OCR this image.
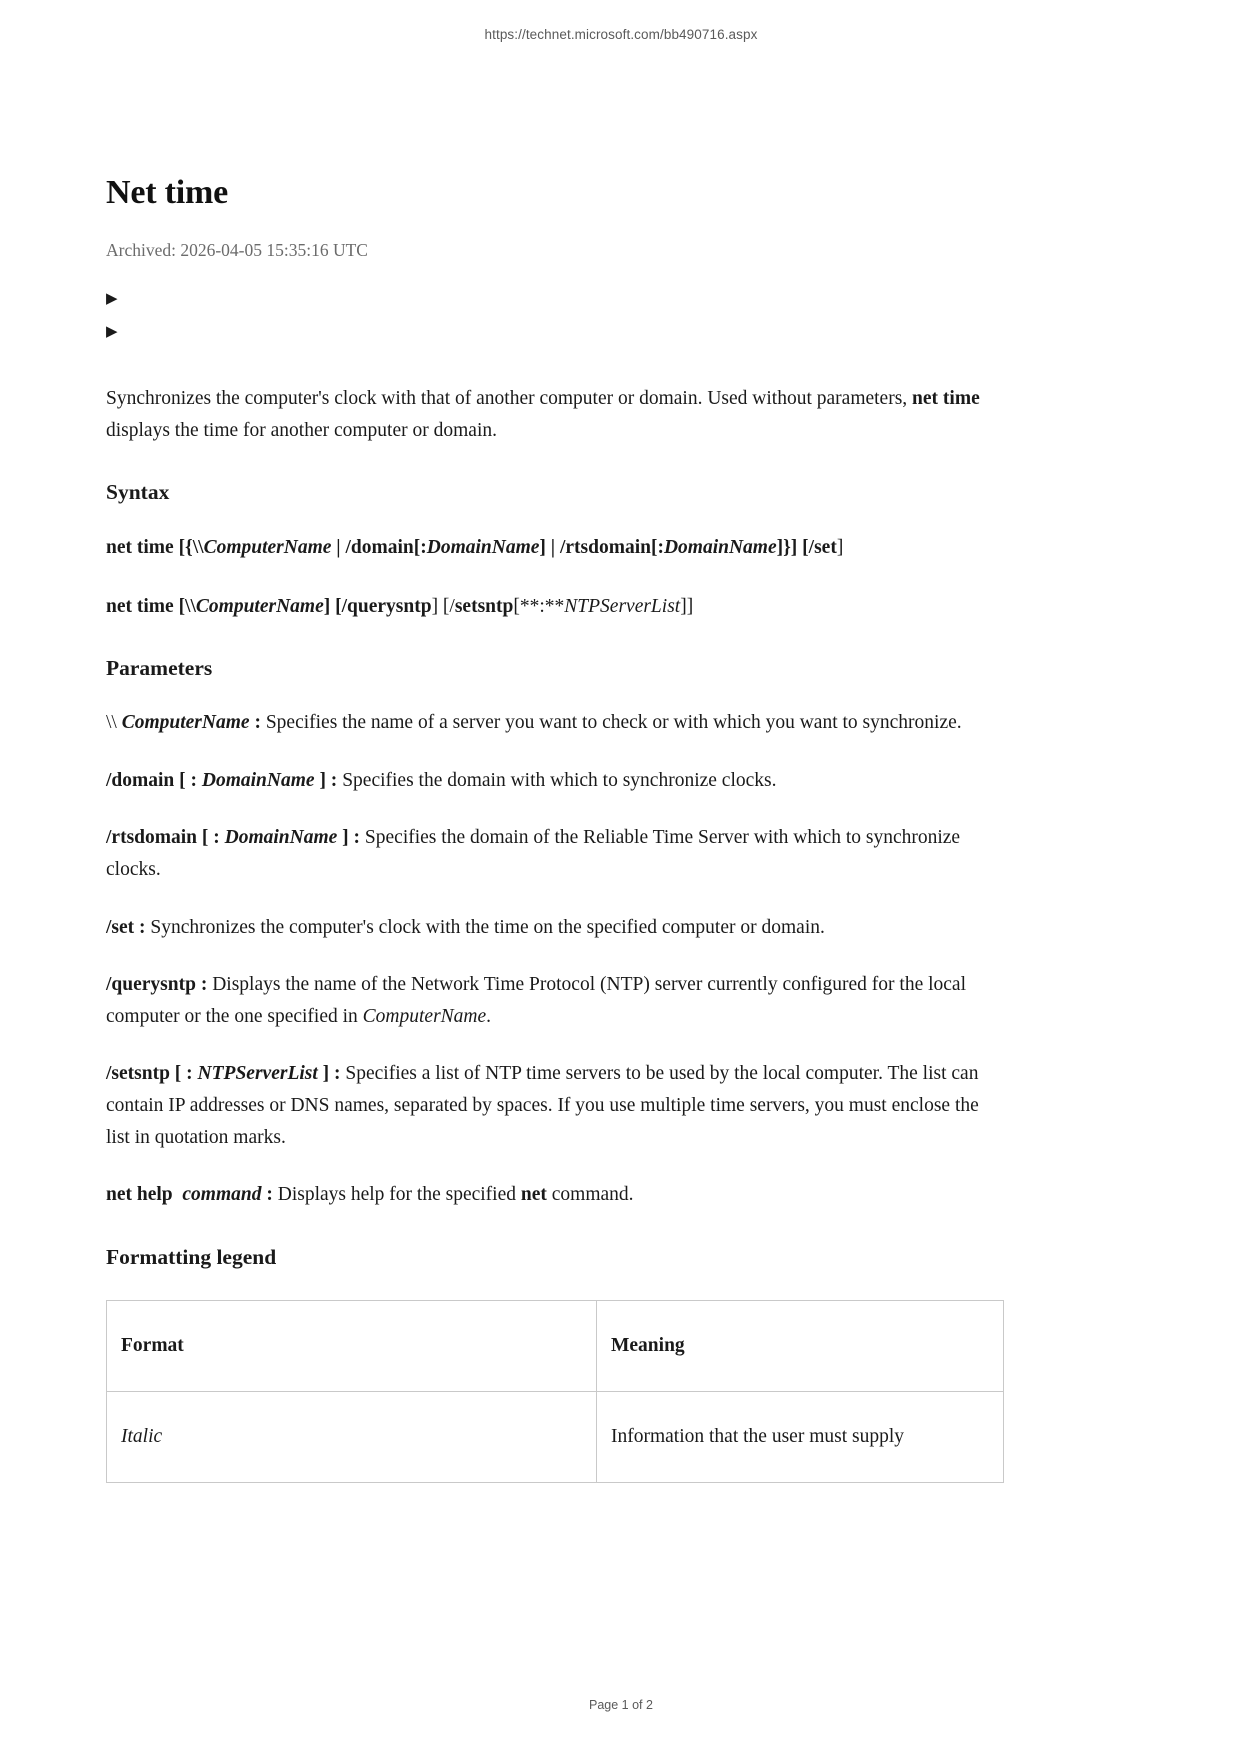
https://technet.microsoft.com/bb490716.aspx
Net time
Archived: 2026-04-05 15:35:16 UTC
▶
▶

Synchronizes the computer's clock with that of another computer or domain. Used without parameters, net time displays the time for another computer or domain.

Syntax

net time [{\\ComputerName | /domain[:DomainName] | /rtsdomain[:DomainName]}] [/set]

net time [\\ComputerName] [/querysntp] [/setsntp[**:**NTPServerList]]

Parameters

\\ ComputerName : Specifies the name of a server you want to check or with which you want to synchronize.

/domain [ : DomainName ] : Specifies the domain with which to synchronize clocks.

/rtsdomain [ : DomainName ] : Specifies the domain of the Reliable Time Server with which to synchronize clocks.

/set : Synchronizes the computer's clock with the time on the specified computer or domain.

/querysntp : Displays the name of the Network Time Protocol (NTP) server currently configured for the local computer or the one specified in ComputerName.

/setsntp [ : NTPServerList ] : Specifies a list of NTP time servers to be used by the local computer. The list can contain IP addresses or DNS names, separated by spaces. If you use multiple time servers, you must enclose the list in quotation marks.

net help command : Displays help for the specified net command.

Formatting legend
Format	Meaning
Italic	Information that the user must supply
Page 1 of 2
